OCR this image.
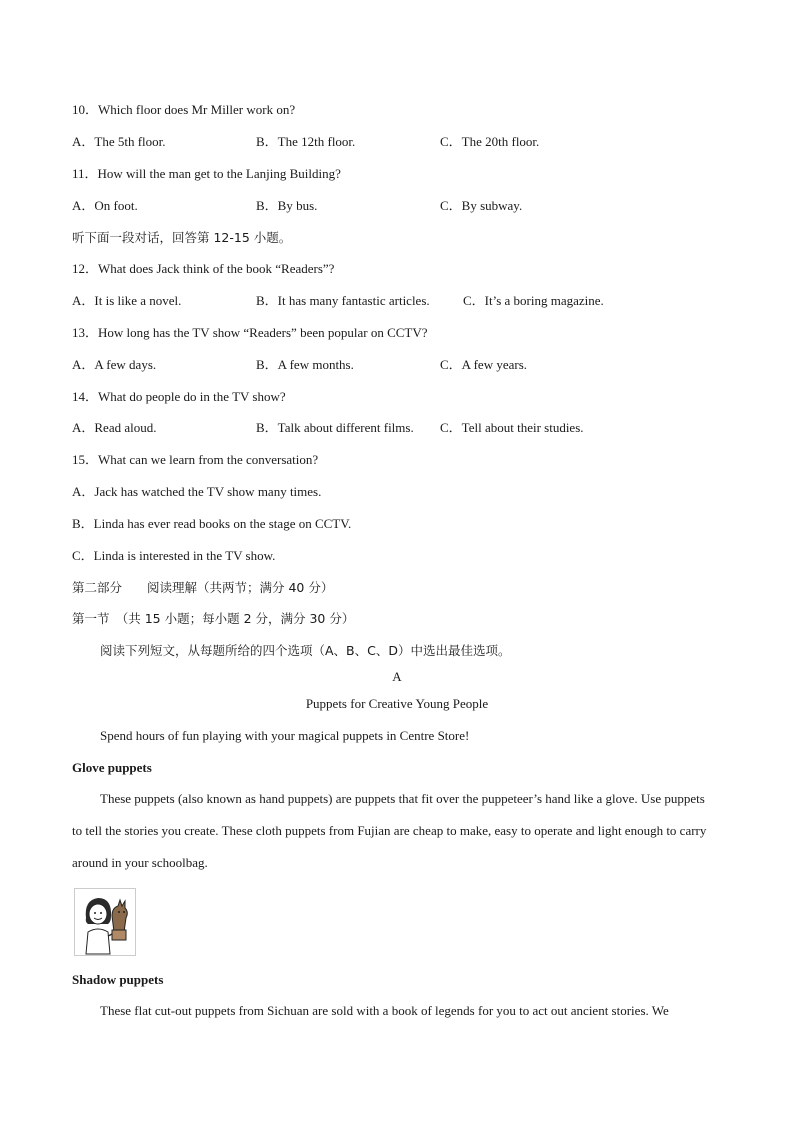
10．Which floor does Mr Miller work on?
A．The 5th floor.	B．The 12th floor.	C．The 20th floor.
11．How will the man get to the Lanjing Building?
A．On foot.	B．By bus.	C．By subway.
听下面一段对话，回答第 12-15 小题。
12．What does Jack think of the book “Readers”?
A．It is like a novel.	B．It has many fantastic articles.	C．It’s a boring magazine.
13．How long has the TV show “Readers” been popular on CCTV?
A．A few days.	B．A few months.	C．A few years.
14．What do people do in the TV show?
A．Read aloud.	B．Talk about different films. C．Tell about their studies.
15．What can we learn from the conversation?
A．Jack has watched the TV show many times.
B．Linda has ever read books on the stage on CCTV.
C．Linda is interested in the TV show.
第二部分　　阅读理解（共两节；满分 40 分）
第一节　（共 15 小题；每小题 2 分，满分 30 分）
阅读下列短文，从每题所给的四个选项（A、B、C、D）中选出最佳选项。
A
Puppets for Creative Young People
Spend hours of fun playing with your magical puppets in Centre Store!
Glove puppets
These puppets (also known as hand puppets) are puppets that fit over the puppeteer’s hand like a glove. Use puppets to tell the stories you create. These cloth puppets from Fujian are cheap to make, easy to operate and light enough to carry around in your schoolbag.
Shadow puppets
These flat cut-out puppets from Sichuan are sold with a book of legends for you to act out ancient stories. We
